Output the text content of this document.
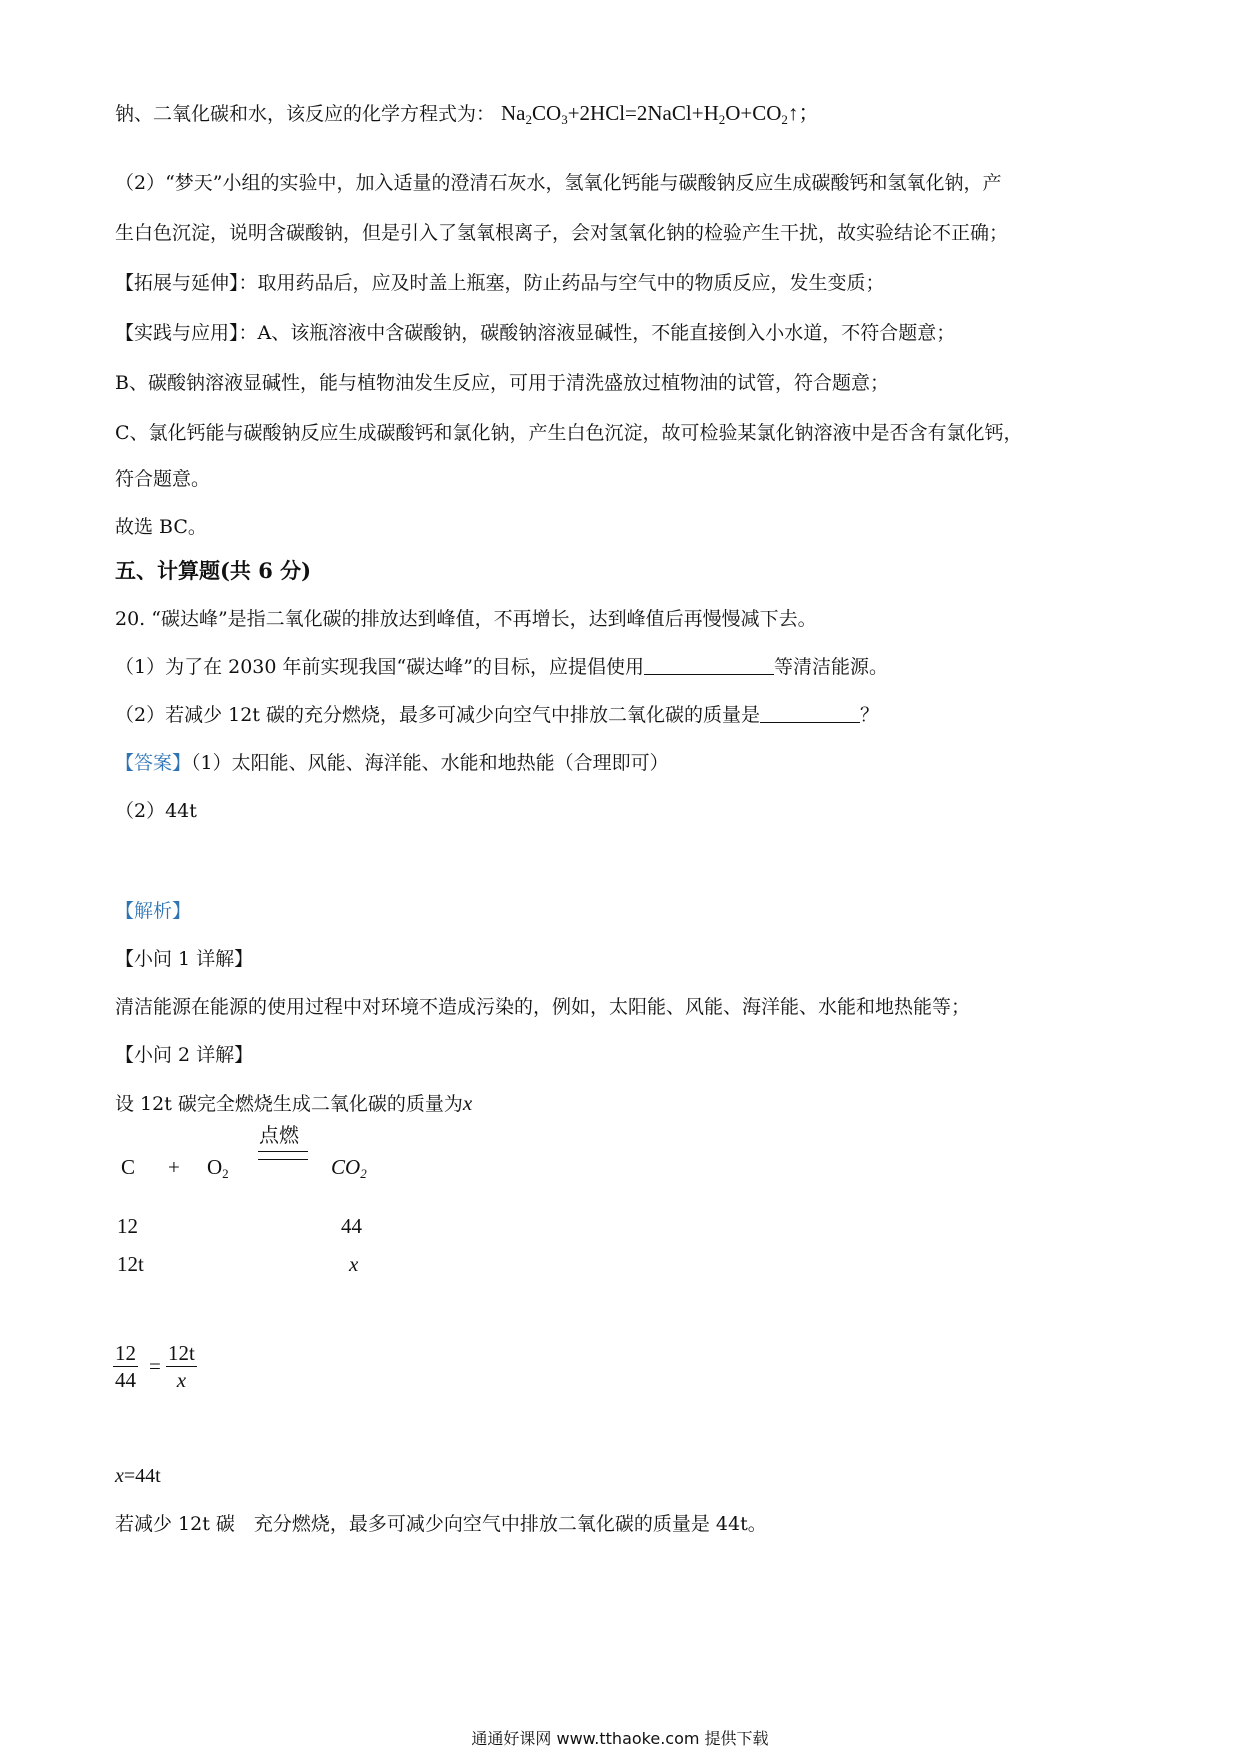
钠、二氧化碳和水，该反应的化学方程式为： $Na_2CO_3+2HCl=2NaCl+H_2O+CO_2↑$；
（2）“梦天”小组的实验中，加入适量的澄清石灰水，氢氧化钙能与碳酸钠反应生成碳酸钙和氢氧化钠，产
生白色沉淀，说明含碳酸钠，但是引入了氢氧根离子，会对氢氧化钠的检验产生干扰，故实验结论不正确；
【拓展与延伸】：取用药品后，应及时盖上瓶塞，防止药品与空气中的物质反应，发生变质；
【实践与应用】：A、该瓶溶液中含碳酸钠，碳酸钠溶液显碱性，不能直接倒入小水道，不符合题意；
B、碳酸钠溶液显碱性，能与植物油发生反应，可用于清洗盛放过植物油的试管，符合题意；
C、氯化钙能与碳酸钠反应生成碳酸钙和氯化钠，产生白色沉淀，故可检验某氯化钠溶液中是否含有氯化钙，
符合题意。
故选 BC。
五、计算题(共 6 分)
20. “碳达峰”是指二氧化碳的排放达到峰值，不再增长，达到峰值后再慢慢减下去。
（1）为了在 2030 年前实现我国“碳达峰”的目标，应提倡使用	等清洁能源。
（2）若减少 12t 碳的充分燃烧，最多可减少向空气中排放二氧化碳的质量是	？
【答案】（1）太阳能、风能、海洋能、水能和地热能（合理即可）
（2）44t
【解析】
【小问 1 详解】
清洁能源在能源的使用过程中对环境不造成污染的，例如，太阳能、风能、海洋能、水能和地热能等；
【小问 2 详解】
设 12t 碳完全燃烧生成二氧化碳的质量为x
$C + O_2$
点燃
$CO_2$
12	44
12t	x
$\frac{12}{44} = \frac{12t}{x}$
x=44t
若减少 12t 碳　充分燃烧，最多可减少向空气中排放二氧化碳的质量是 44t。
通通好课网 www.tthaoke.com 提供下载
